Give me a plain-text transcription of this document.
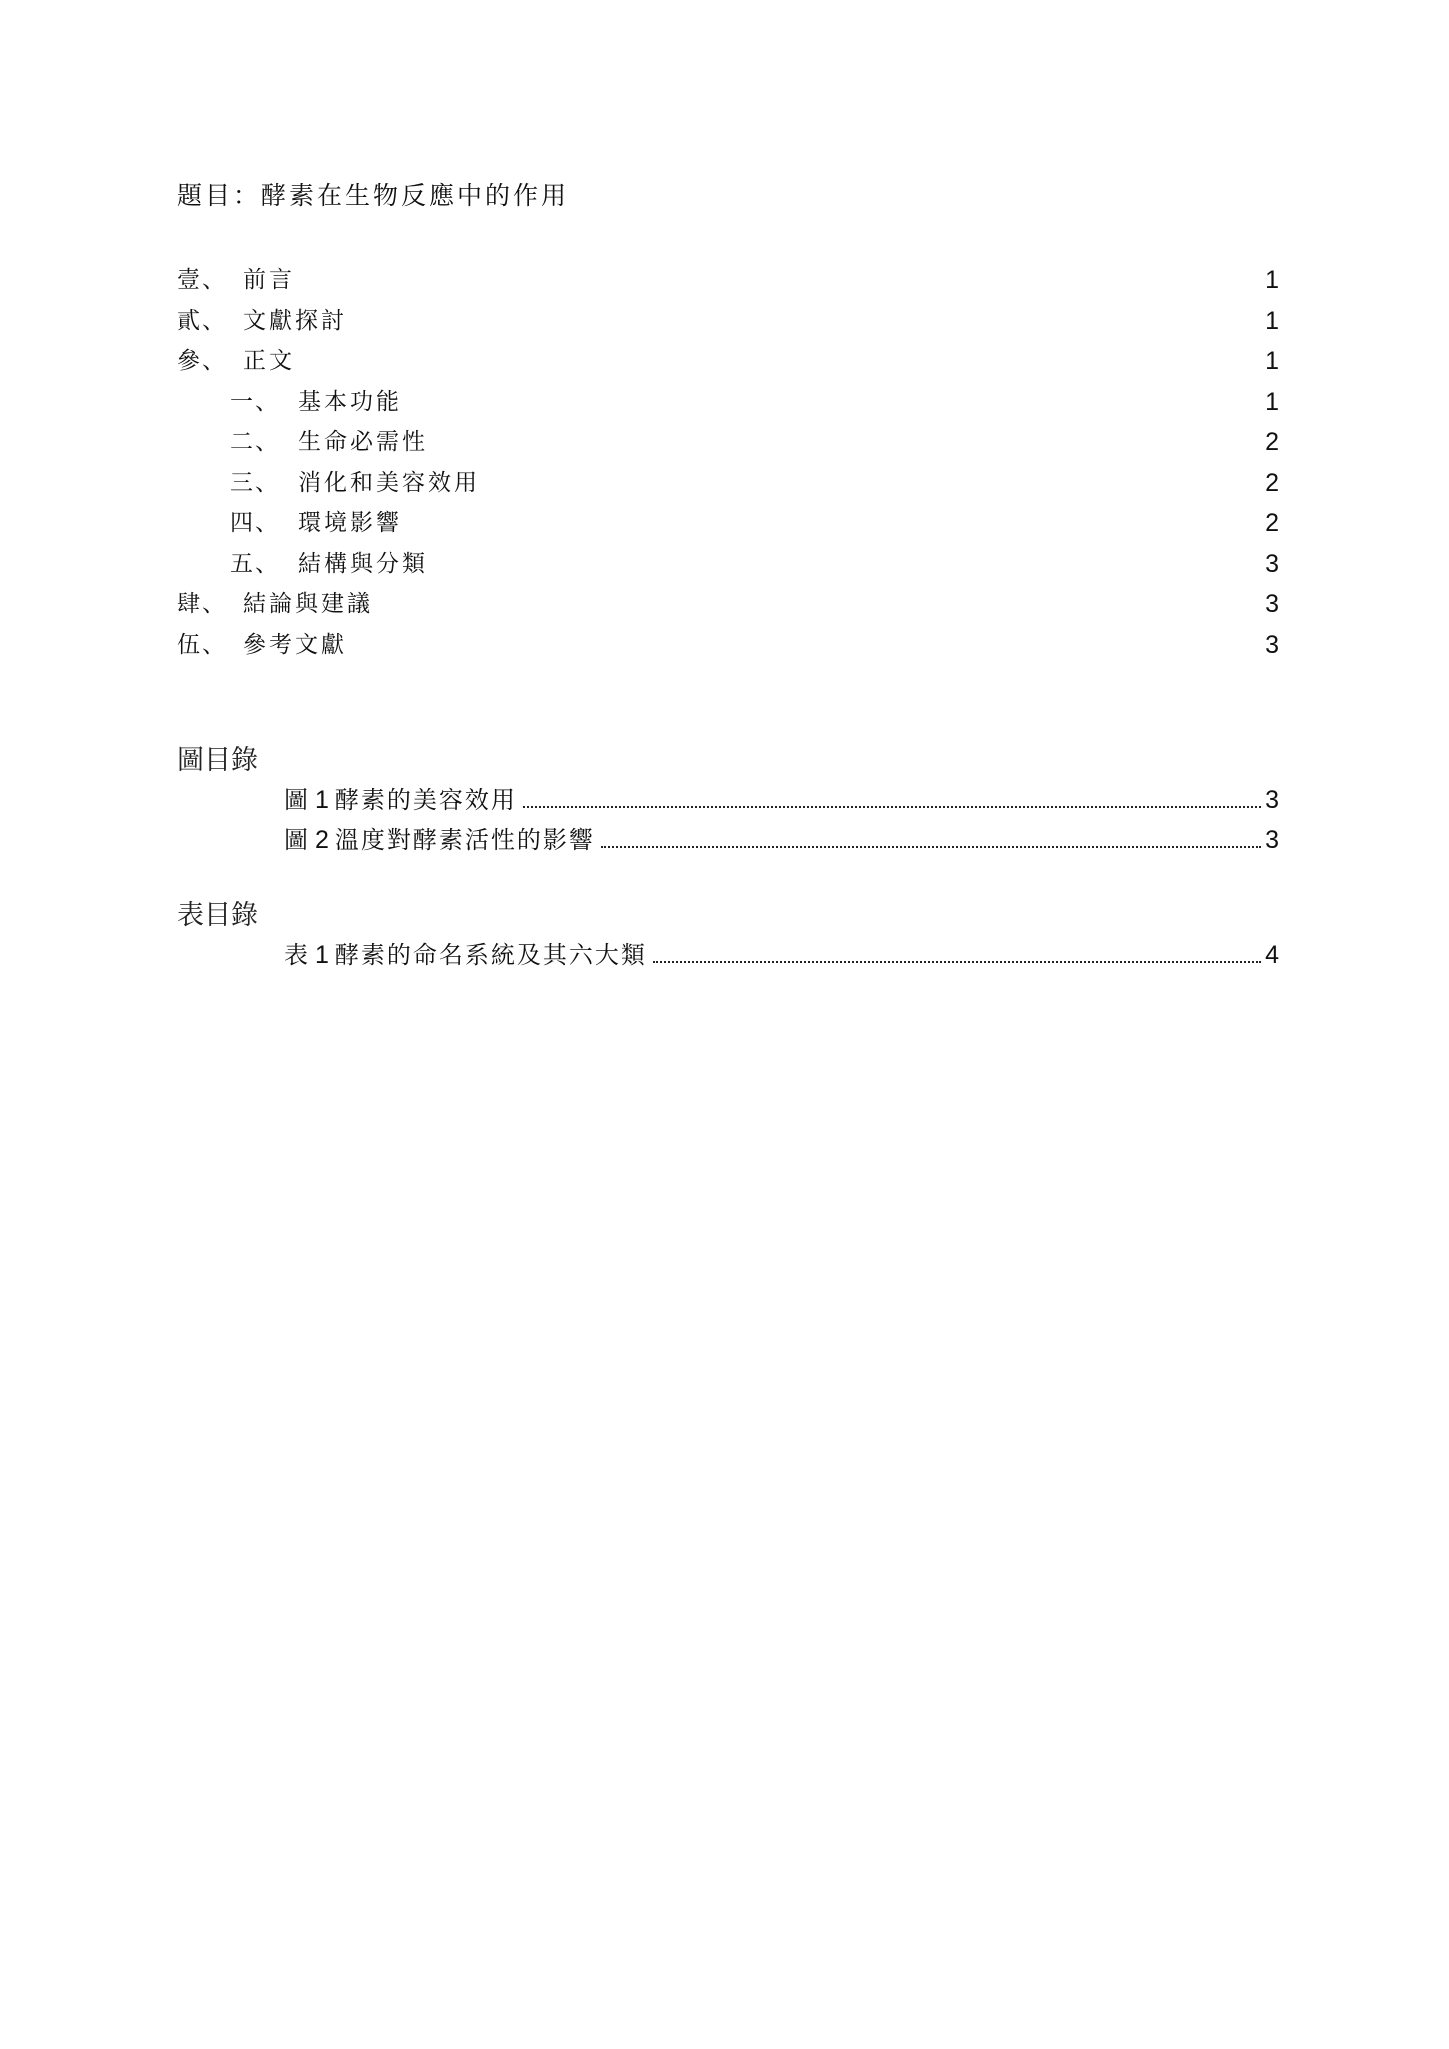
題目：酵素在生物反應中的作用
壹、 前言	1
貳、 文獻探討	1
參、 正文	1
一、 基本功能	1
二、 生命必需性	2
三、 消化和美容效用	2
四、 環境影響	2
五、 結構與分類	3
肆、 結論與建議	3
伍、 參考文獻	3
圖目錄
圖 1 酵素的美容效用	3
圖 2 溫度對酵素活性的影響	3
表目錄
表 1 酵素的命名系統及其六大類	4
